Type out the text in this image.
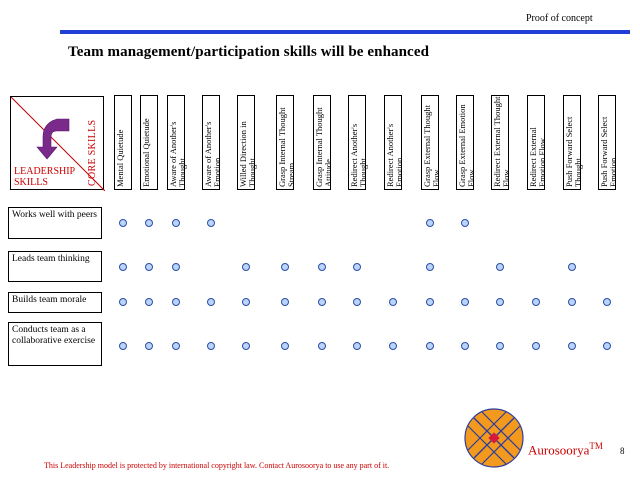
Proof of concept
Team management/participation skills will be enhanced
CORE SKILLS
LEADERSHIP SKILLS	Mental Quietude Emotional Quietude Aware of Another's Thought Aware of Another's Emotion Willed Direction in Thought Grasp Internal Thought Stream Grasp Internal Thought Attitude Redirect Another's Thought Redirect Another's Emotion Grasp External Thought Flow Grasp External Emotion Flow Redirect External Thought Flow Redirect External Emotion Flow Push Forward Select Thought Push Forward Select Emotion
Works well with peers
Leads team thinking
Builds team morale
Conducts team as a collaborative exercise
Aurosoorya™ 8
This Leadership model is protected by international copyright law. Contact Aurosoorya to use any part of it.
